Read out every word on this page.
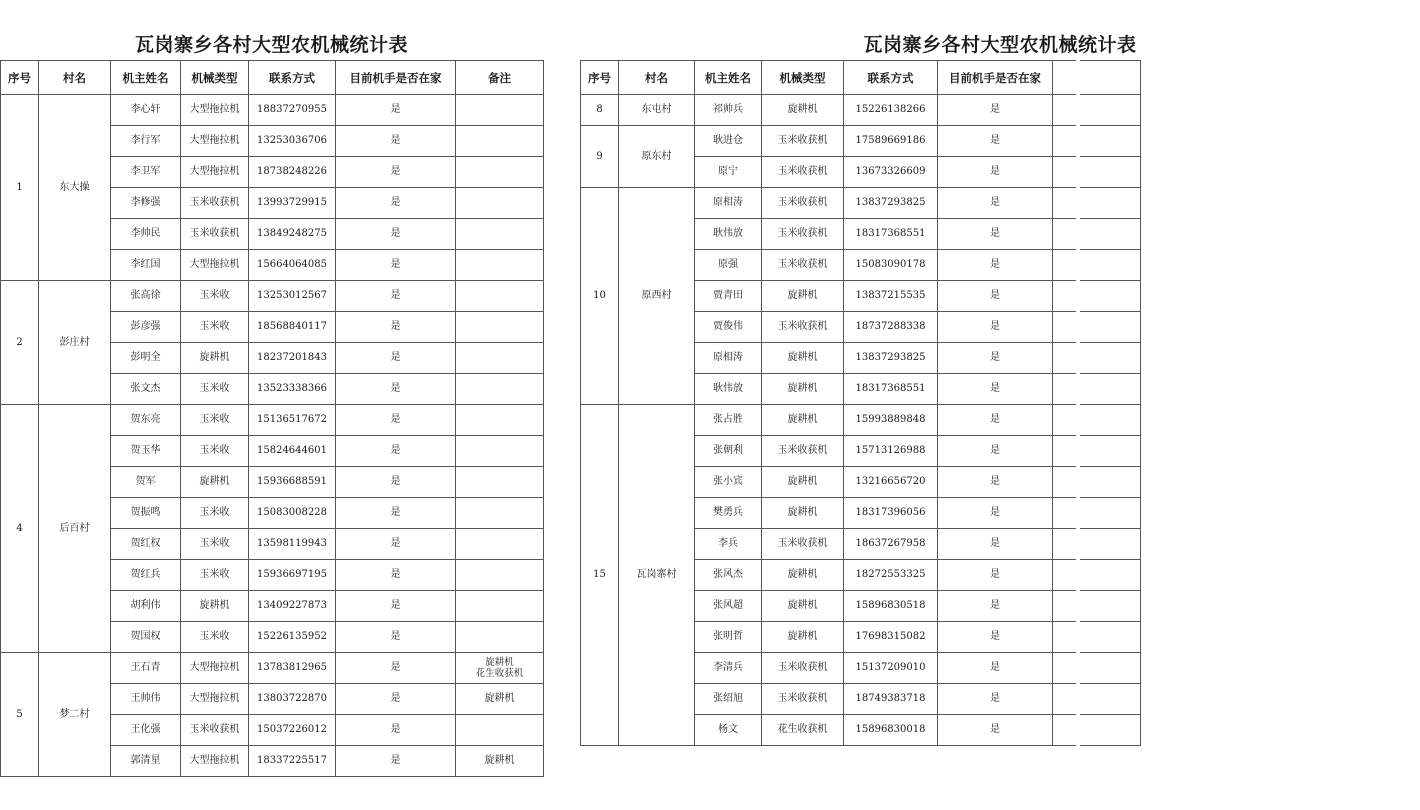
瓦岗寨乡各村大型农机械统计表
序号	村名	机主姓名	机械类型	联系方式	目前机手是否在家	备注
1	东大操	李心轩	大型拖拉机	18837270955	是	

		李行军	大型拖拉机	13253036706	是	

		李卫军	大型拖拉机	18738248226	是	

		李修强	玉米收获机	13993729915	是	

		李帅民	玉米收获机	13849248275	是	

		李红国	大型拖拉机	15664064085	是	

2	彭庄村	张高徐	玉米收	13253012567	是	

		彭彦强	玉米收	18568840117	是	

		彭明全	旋耕机	18237201843	是	

		张文杰	玉米收	13523338366	是	

4	后百村	贺东亮	玉米收	15136517672	是	

		贺玉华	玉米收	15824644601	是	

		贺军	旋耕机	15936688591	是	

		贺振鸣	玉米收	15083008228	是	

		贺红权	玉米收	13598119943	是	

		贺红兵	玉米收	15936697195	是	

		胡利伟	旋耕机	13409227873	是	

		贺国权	玉米收	15226135952	是	

5	梦二村	王石青	大型拖拉机	13783812965	是	旋耕机
花生收获机

		王帅伟	大型拖拉机	13803722870	是	旋耕机

		王化强	玉米收获机	15037226012	是	

		郭清星	大型拖拉机	18337225517	是	旋耕机
瓦岗寨乡各村大型农机械统计表
序号	村名	机主姓名	机械类型	联系方式	目前机手是否在家	
8	东屯村	祁帅兵	旋耕机	15226138266	是	
9	原东村	耿进仓	玉米收获机	17589669186	是	
		原宁	玉米收获机	13673326609	是	
10	原西村	原相涛	玉米收获机	13837293825	是	
		耿伟放	玉米收获机	18317368551	是	
		原强	玉米收获机	15083090178	是	
		贾青田	旋耕机	13837215535	是	
		贾俊伟	玉米收获机	18737288338	是	
		原相涛	旋耕机	13837293825	是	
		耿伟放	旋耕机	18317368551	是	
15	瓦岗寨村	张占胜	旋耕机	15993889848	是	
		张朝利	玉米收获机	15713126988	是	
		张小宾	旋耕机	13216656720	是	
		樊勇兵	旋耕机	18317396056	是	
		李兵	玉米收获机	18637267958	是	
		张风杰	旋耕机	18272553325	是	
		张风超	旋耕机	15896830518	是	
		张明哲	旋耕机	17698315082	是	
		李清兵	玉米收获机	15137209010	是	
		张绍旭	玉米收获机	18749383718	是	
		杨文	花生收获机	15896830018	是	
